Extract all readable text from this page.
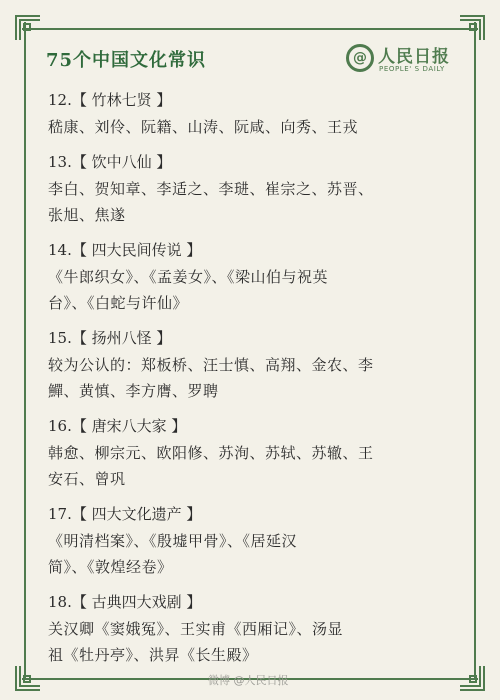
75个中国文化常识	@ 人民日报
PEOPLE' S DAILY
12.【 竹林七贤 】
嵇康、刘伶、阮籍、山涛、阮咸、向秀、王戎
13.【 饮中八仙 】
李白、贺知章、李适之、李琎、崔宗之、苏晋、
张旭、焦遂
14.【 四大民间传说 】
《牛郎织女》、《孟姜女》、《梁山伯与祝英
台》、《白蛇与许仙》
15.【 扬州八怪 】
较为公认的：郑板桥、汪士慎、高翔、金农、李
鱓、黄慎、李方膺、罗聘
16.【 唐宋八大家 】
韩愈、柳宗元、欧阳修、苏洵、苏轼、苏辙、王
安石、曾巩
17.【 四大文化遗产 】
《明清档案》、《殷墟甲骨》、《居延汉
简》、《敦煌经卷》
18.【 古典四大戏剧 】
关汉卿《窦娥冤》、王实甫《西厢记》、汤显
祖《牡丹亭》、洪昇《长生殿》
微博 @人民日报
